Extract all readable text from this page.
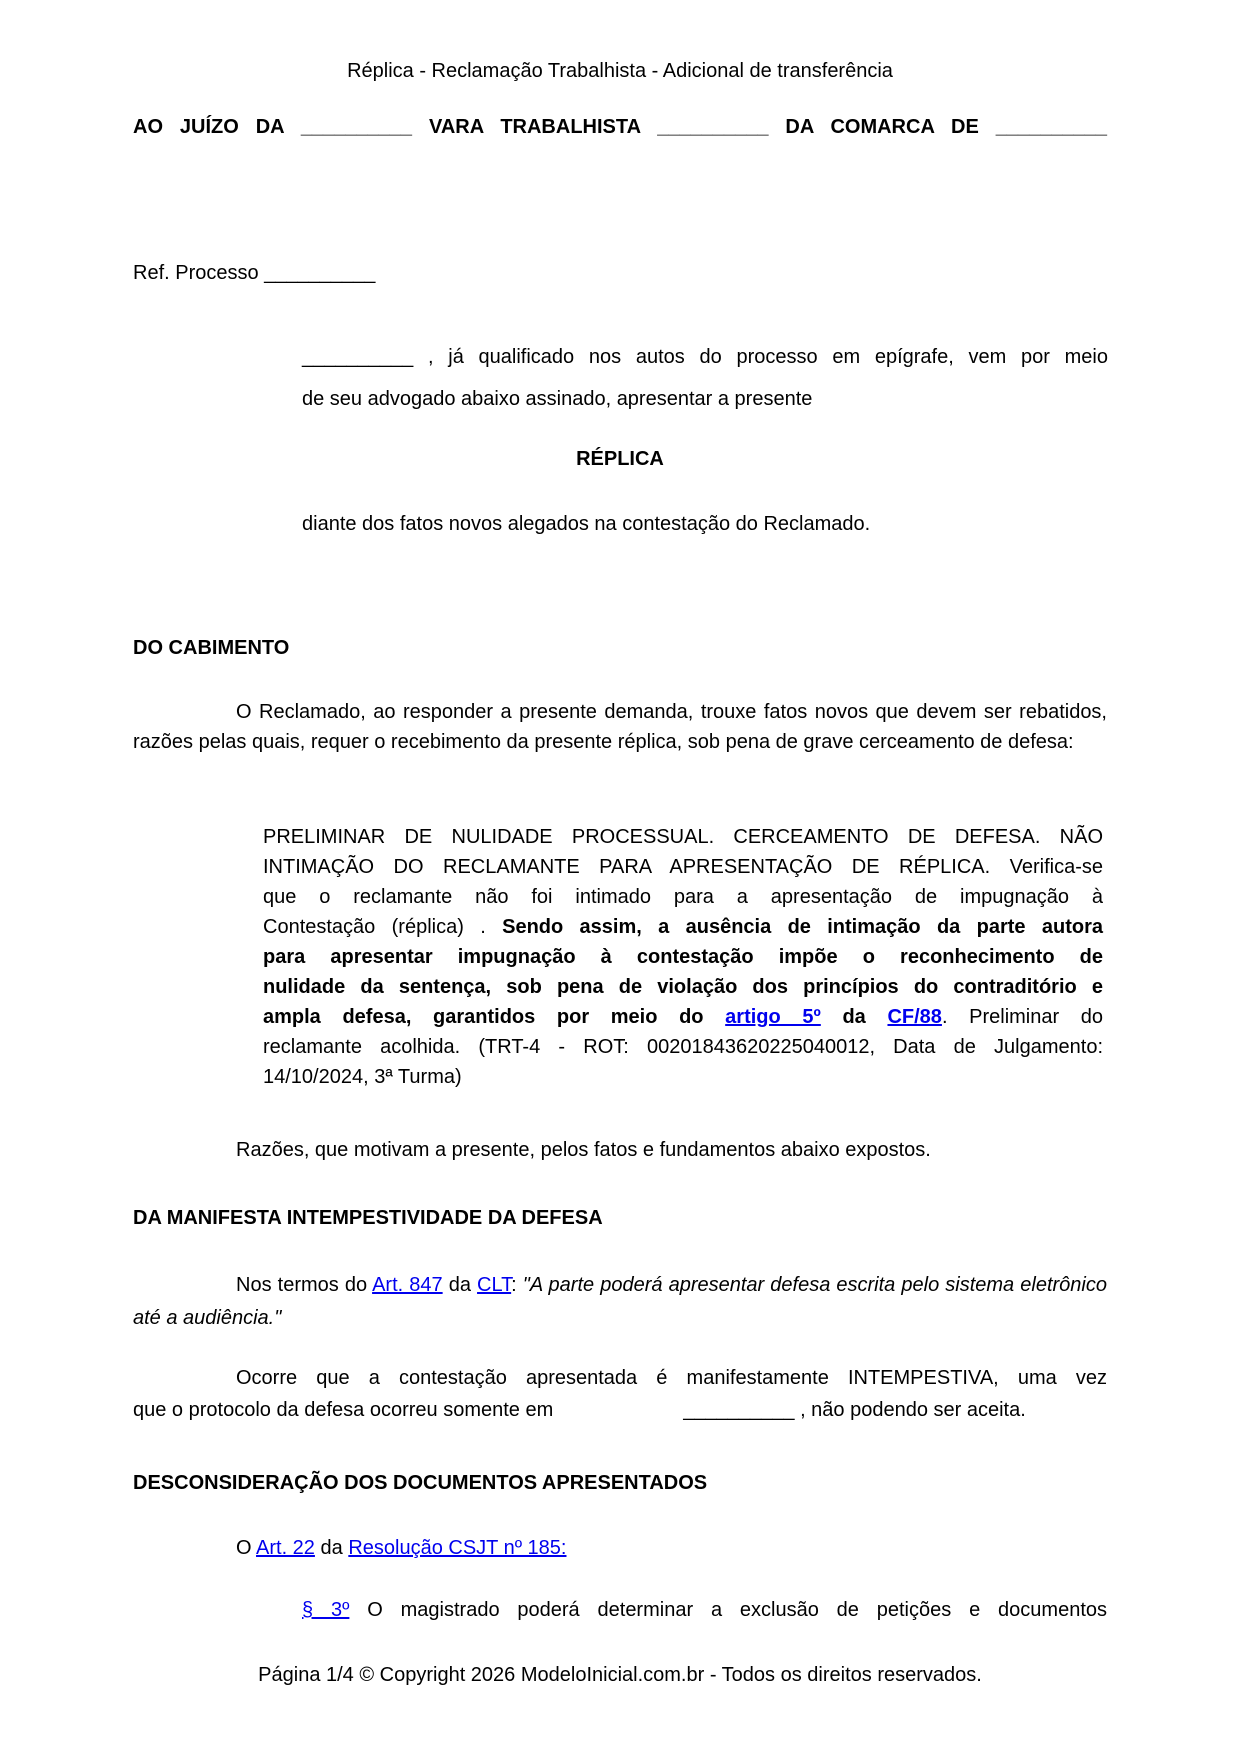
Réplica - Reclamação Trabalhista - Adicional de transferência
AO JUÍZO DA __________ VARA TRABALHISTA __________ DA COMARCA DE __________
Ref. Processo __________
__________ , já qualificado nos autos do processo em epígrafe, vem por meio
de seu advogado abaixo assinado, apresentar a presente
RÉPLICA
diante dos fatos novos alegados na contestação do Reclamado.
DO CABIMENTO
O Reclamado, ao responder a presente demanda, trouxe fatos novos que devem ser rebatidos, razões pelas quais, requer o recebimento da presente réplica, sob pena de grave cerceamento de defesa:
PRELIMINAR DE NULIDADE PROCESSUAL. CERCEAMENTO DE DEFESA. NÃO
INTIMAÇÃO DO RECLAMANTE PARA APRESENTAÇÃO DE RÉPLICA. Verifica-se
que o reclamante não foi intimado para a apresentação de impugnação à
Contestação (réplica) . Sendo assim, a ausência de intimação da parte autora
para apresentar impugnação à contestação impõe o reconhecimento de
nulidade da sentença, sob pena de violação dos princípios do contraditório e
ampla defesa, garantidos por meio do artigo 5º da CF/88. Preliminar do
reclamante acolhida. (TRT-4 - ROT: 00201843620225040012, Data de Julgamento:
14/10/2024, 3ª Turma)
Razões, que motivam a presente, pelos fatos e fundamentos abaixo expostos.
DA MANIFESTA INTEMPESTIVIDADE DA DEFESA
Nos termos do Art. 847 da CLT: "A parte poderá apresentar defesa escrita pelo sistema eletrônico até a audiência."
Ocorre que a contestação apresentada é manifestamente INTEMPESTIVA, uma vez
que o protocolo da defesa ocorreu somente em	__________ , não podendo ser aceita.
DESCONSIDERAÇÃO DOS DOCUMENTOS APRESENTADOS
O Art. 22 da Resolução CSJT nº 185:
§ 3º O magistrado poderá determinar a exclusão de petições e documentos
Página 1/4 © Copyright 2026 ModeloInicial.com.br - Todos os direitos reservados.
